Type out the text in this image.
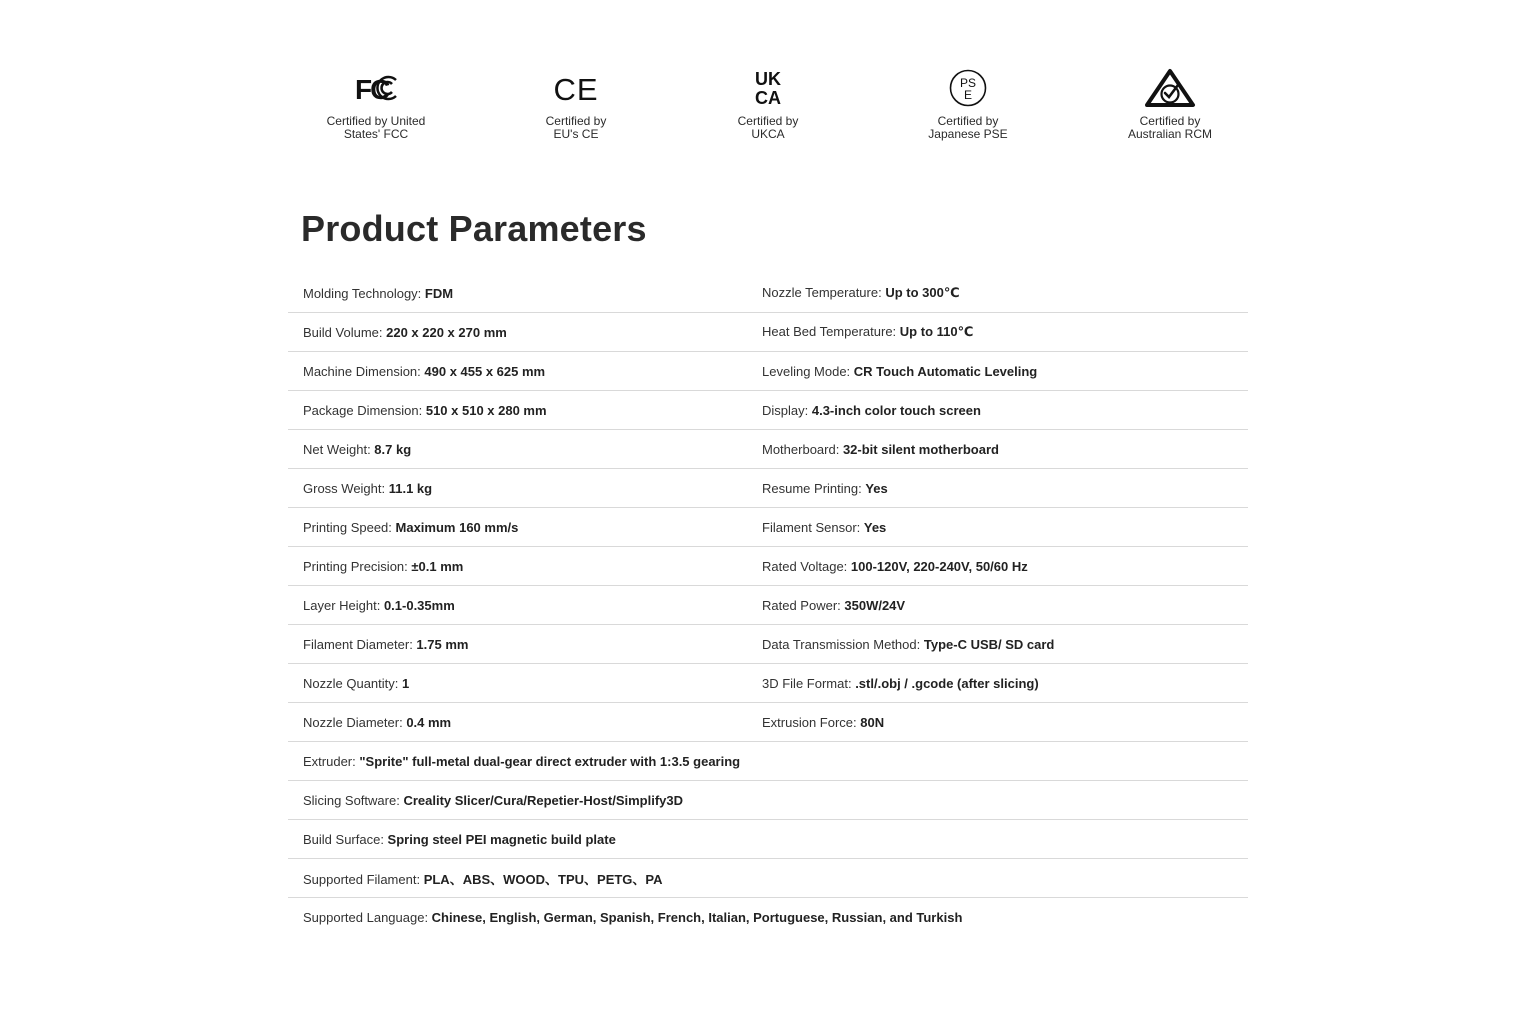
FC
Certified by United
States' FCC
CE
Certified by
EU's CE
UK
CA
Certified by
UKCA
PS
E
Certified by
Japanese PSE
Certified by
Australian RCM
Product Parameters
Molding Technology: FDM	Nozzle Temperature: Up to 300℃
Build Volume: 220 x 220 x 270 mm	Heat Bed Temperature: Up to 110℃
Machine Dimension: 490 x 455 x 625 mm	Leveling Mode: CR Touch Automatic Leveling
Package Dimension: 510 x 510 x 280 mm	Display: 4.3-inch color touch screen
Net Weight: 8.7 kg	Motherboard: 32-bit silent motherboard
Gross Weight: 11.1 kg	Resume Printing: Yes
Printing Speed: Maximum 160 mm/s	Filament Sensor: Yes
Printing Precision: ±0.1 mm	Rated Voltage: 100-120V, 220-240V, 50/60 Hz
Layer Height: 0.1-0.35mm	Rated Power: 350W/24V
Filament Diameter: 1.75 mm	Data Transmission Method: Type-C USB/ SD card
Nozzle Quantity: 1	3D File Format: .stl/.obj / .gcode (after slicing)
Nozzle Diameter: 0.4 mm	Extrusion Force: 80N
Extruder: "Sprite" full-metal dual-gear direct extruder with 1:3.5 gearing
Slicing Software: Creality Slicer/Cura/Repetier-Host/Simplify3D
Build Surface: Spring steel PEI magnetic build plate
Supported Filament: PLA、ABS、WOOD、TPU、PETG、PA
Supported Language: Chinese, English, German, Spanish, French, Italian, Portuguese, Russian, and Turkish
